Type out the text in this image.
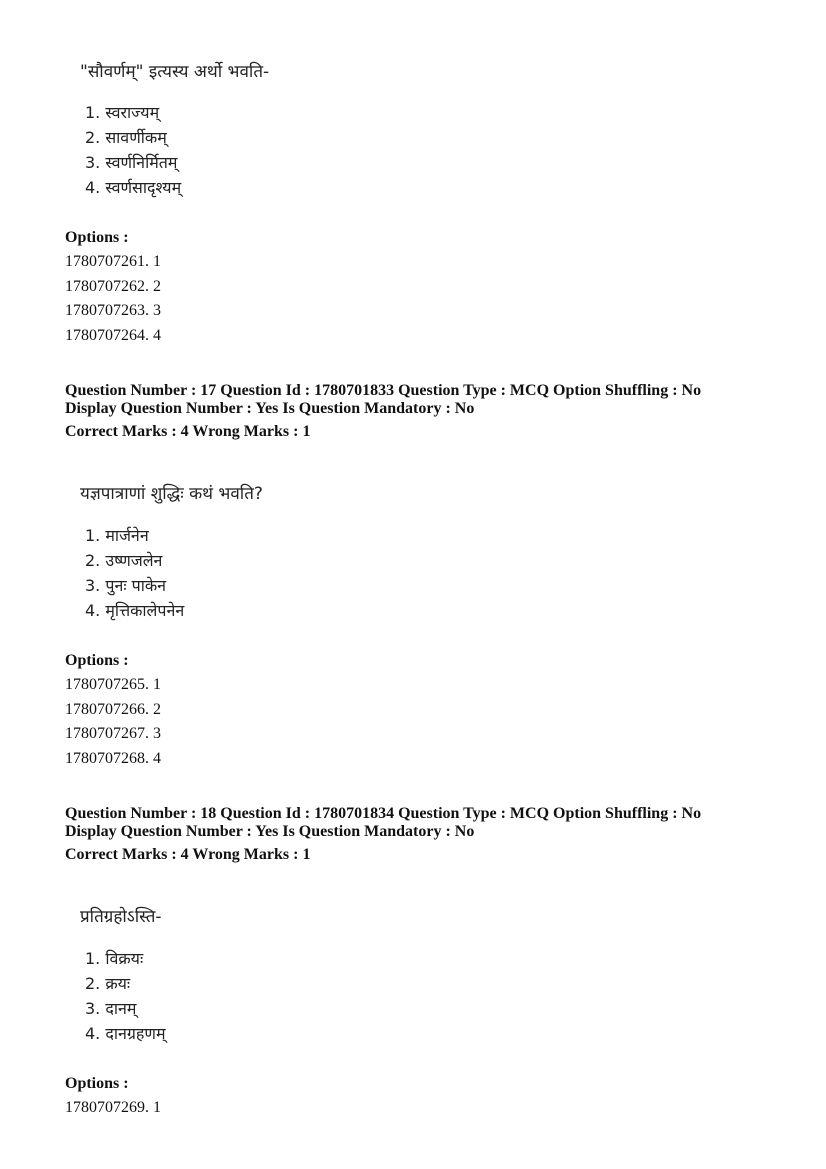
"सौवर्णम्" इत्यस्य अर्थो भवति-
1. स्वराज्यम्
2. सावर्णीकम्
3. स्वर्णनिर्मितम्
4. स्वर्णसादृश्यम्
Options :
1780707261. 1
1780707262. 2
1780707263. 3
1780707264. 4
Question Number : 17 Question Id : 1780701833 Question Type : MCQ Option Shuffling : No
Display Question Number : Yes Is Question Mandatory : No
Correct Marks : 4 Wrong Marks : 1
यज्ञपात्राणां शुद्धिः कथं भवति?
1. मार्जनेन
2. उष्णजलेन
3. पुनः पाकेन
4. मृत्तिकालेपनेन
Options :
1780707265. 1
1780707266. 2
1780707267. 3
1780707268. 4
Question Number : 18 Question Id : 1780701834 Question Type : MCQ Option Shuffling : No
Display Question Number : Yes Is Question Mandatory : No
Correct Marks : 4 Wrong Marks : 1
प्रतिग्रहोऽस्ति-
1. विक्रयः
2. क्रयः
3. दानम्
4. दानग्रहणम्
Options :
1780707269. 1
